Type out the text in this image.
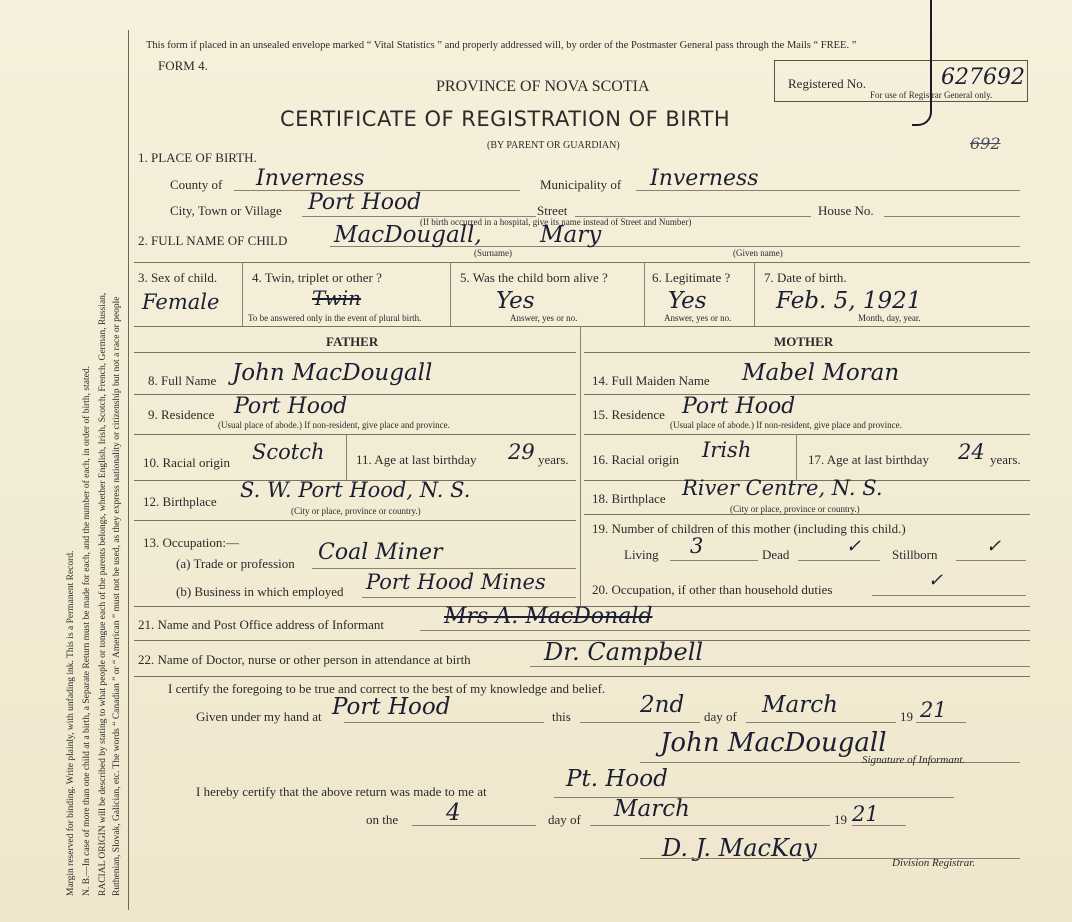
Margin reserved for binding. Write plainly, with unfading ink. This is a Permanent Record. N. B.—In case of more than one child at a birth, a Separate Return must be made for each, and the number of each, in order of birth, stated. RACIAL ORIGIN will be described by stating to what people or tongue each of the parents belongs, whether English, Irish, Scotch, French, German, Russian, Ruthenian, Slovak, Galician, etc. The words “ Canadian ” or “ American ” must not be used, as they express nationality or citizenship but not a race or people
This form if placed in an unsealed envelope marked “ Vital Statistics ” and properly addressed will, by order of the Postmaster General pass through the Mails “ FREE. ”
FORM 4.
Registered No.	627692
For use of Registrar General only.
PROVINCE OF NOVA SCOTIA
CERTIFICATE OF REGISTRATION OF BIRTH
(BY PARENT OR GUARDIAN)	692
1. PLACE OF BIRTH.
County of Inverness	Municipality of Inverness
City, Town or Village Port Hood	Street	House No.
(If birth occurred in a hospital, give its name instead of Street and Number)
2. FULL NAME OF CHILD MacDougall,	Mary
(Surname)	(Given name)
3. Sex of child.
Female
4. Twin, triplet or other ?
Twin
To be answered only in the event of plural birth.
5. Was the child born alive ?
Yes
Answer, yes or no.
6. Legitimate ?
Yes
Answer, yes or no.
7. Date of birth.
Feb. 5, 1921
Month, day, year.
FATHER	MOTHER
8. Full Name John MacDougall
9. Residence Port Hood
(Usual place of abode.) If non-resident, give place and province.
10. Racial origin Scotch 11. Age at last birthday 29 years.
12. Birthplace S. W. Port Hood, N. S.
(City or place, province or country.)
13. Occupation:—
(a) Trade or profession Coal Miner
(b) Business in which employed Port Hood Mines
14. Full Maiden Name Mabel Moran
15. Residence Port Hood
(Usual place of abode.) If non-resident, give place and province.
16. Racial origin Irish	17. Age at last birthday 24 years.
18. Birthplace River Centre, N. S.
(City or place, province or country.)
19. Number of children of this mother (including this child.)
Living 3	Dead	✓ Stillborn	✓
20. Occupation, if other than household duties	✓
21. Name and Post Office address of Informant	Mrs A. MacDonald
22. Name of Doctor, nurse or other person in attendance at birth	Dr. Campbell
I certify the foregoing to be true and correct to the best of my knowledge and belief.
Given under my hand at Port Hood	this	2nd day of March	19 21
John MacDougall
Signature of Informant.
I hereby certify that the above return was made to me at	Pt. Hood
on the 4	day of March	19 21
D. J. MacKay
Division Registrar.
